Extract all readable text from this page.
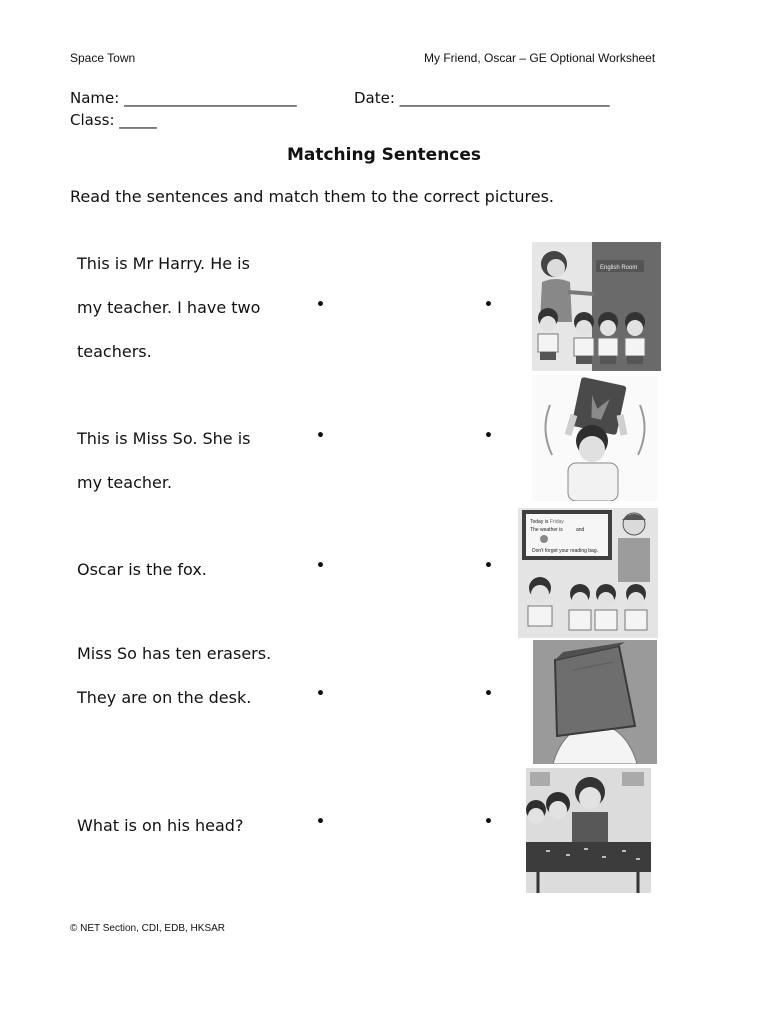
Space Town	My Friend, Oscar – GE Optional Worksheet
Name: _______________________	Date: ____________________________
Class: _____
Matching Sentences
Read the sentences and match them to the correct pictures.
This is Mr Harry. He is
my teacher. I have two
teachers.
This is Miss So. She is
my teacher.
Oscar is the fox.
Miss So has ten erasers.
They are on the desk.
What is on his head?
•
•
•
•
•
•
•
•
•
•
English Room
Today is Friday
The weather is	and
Don't forget your reading bag.
© NET Section, CDI, EDB, HKSAR
